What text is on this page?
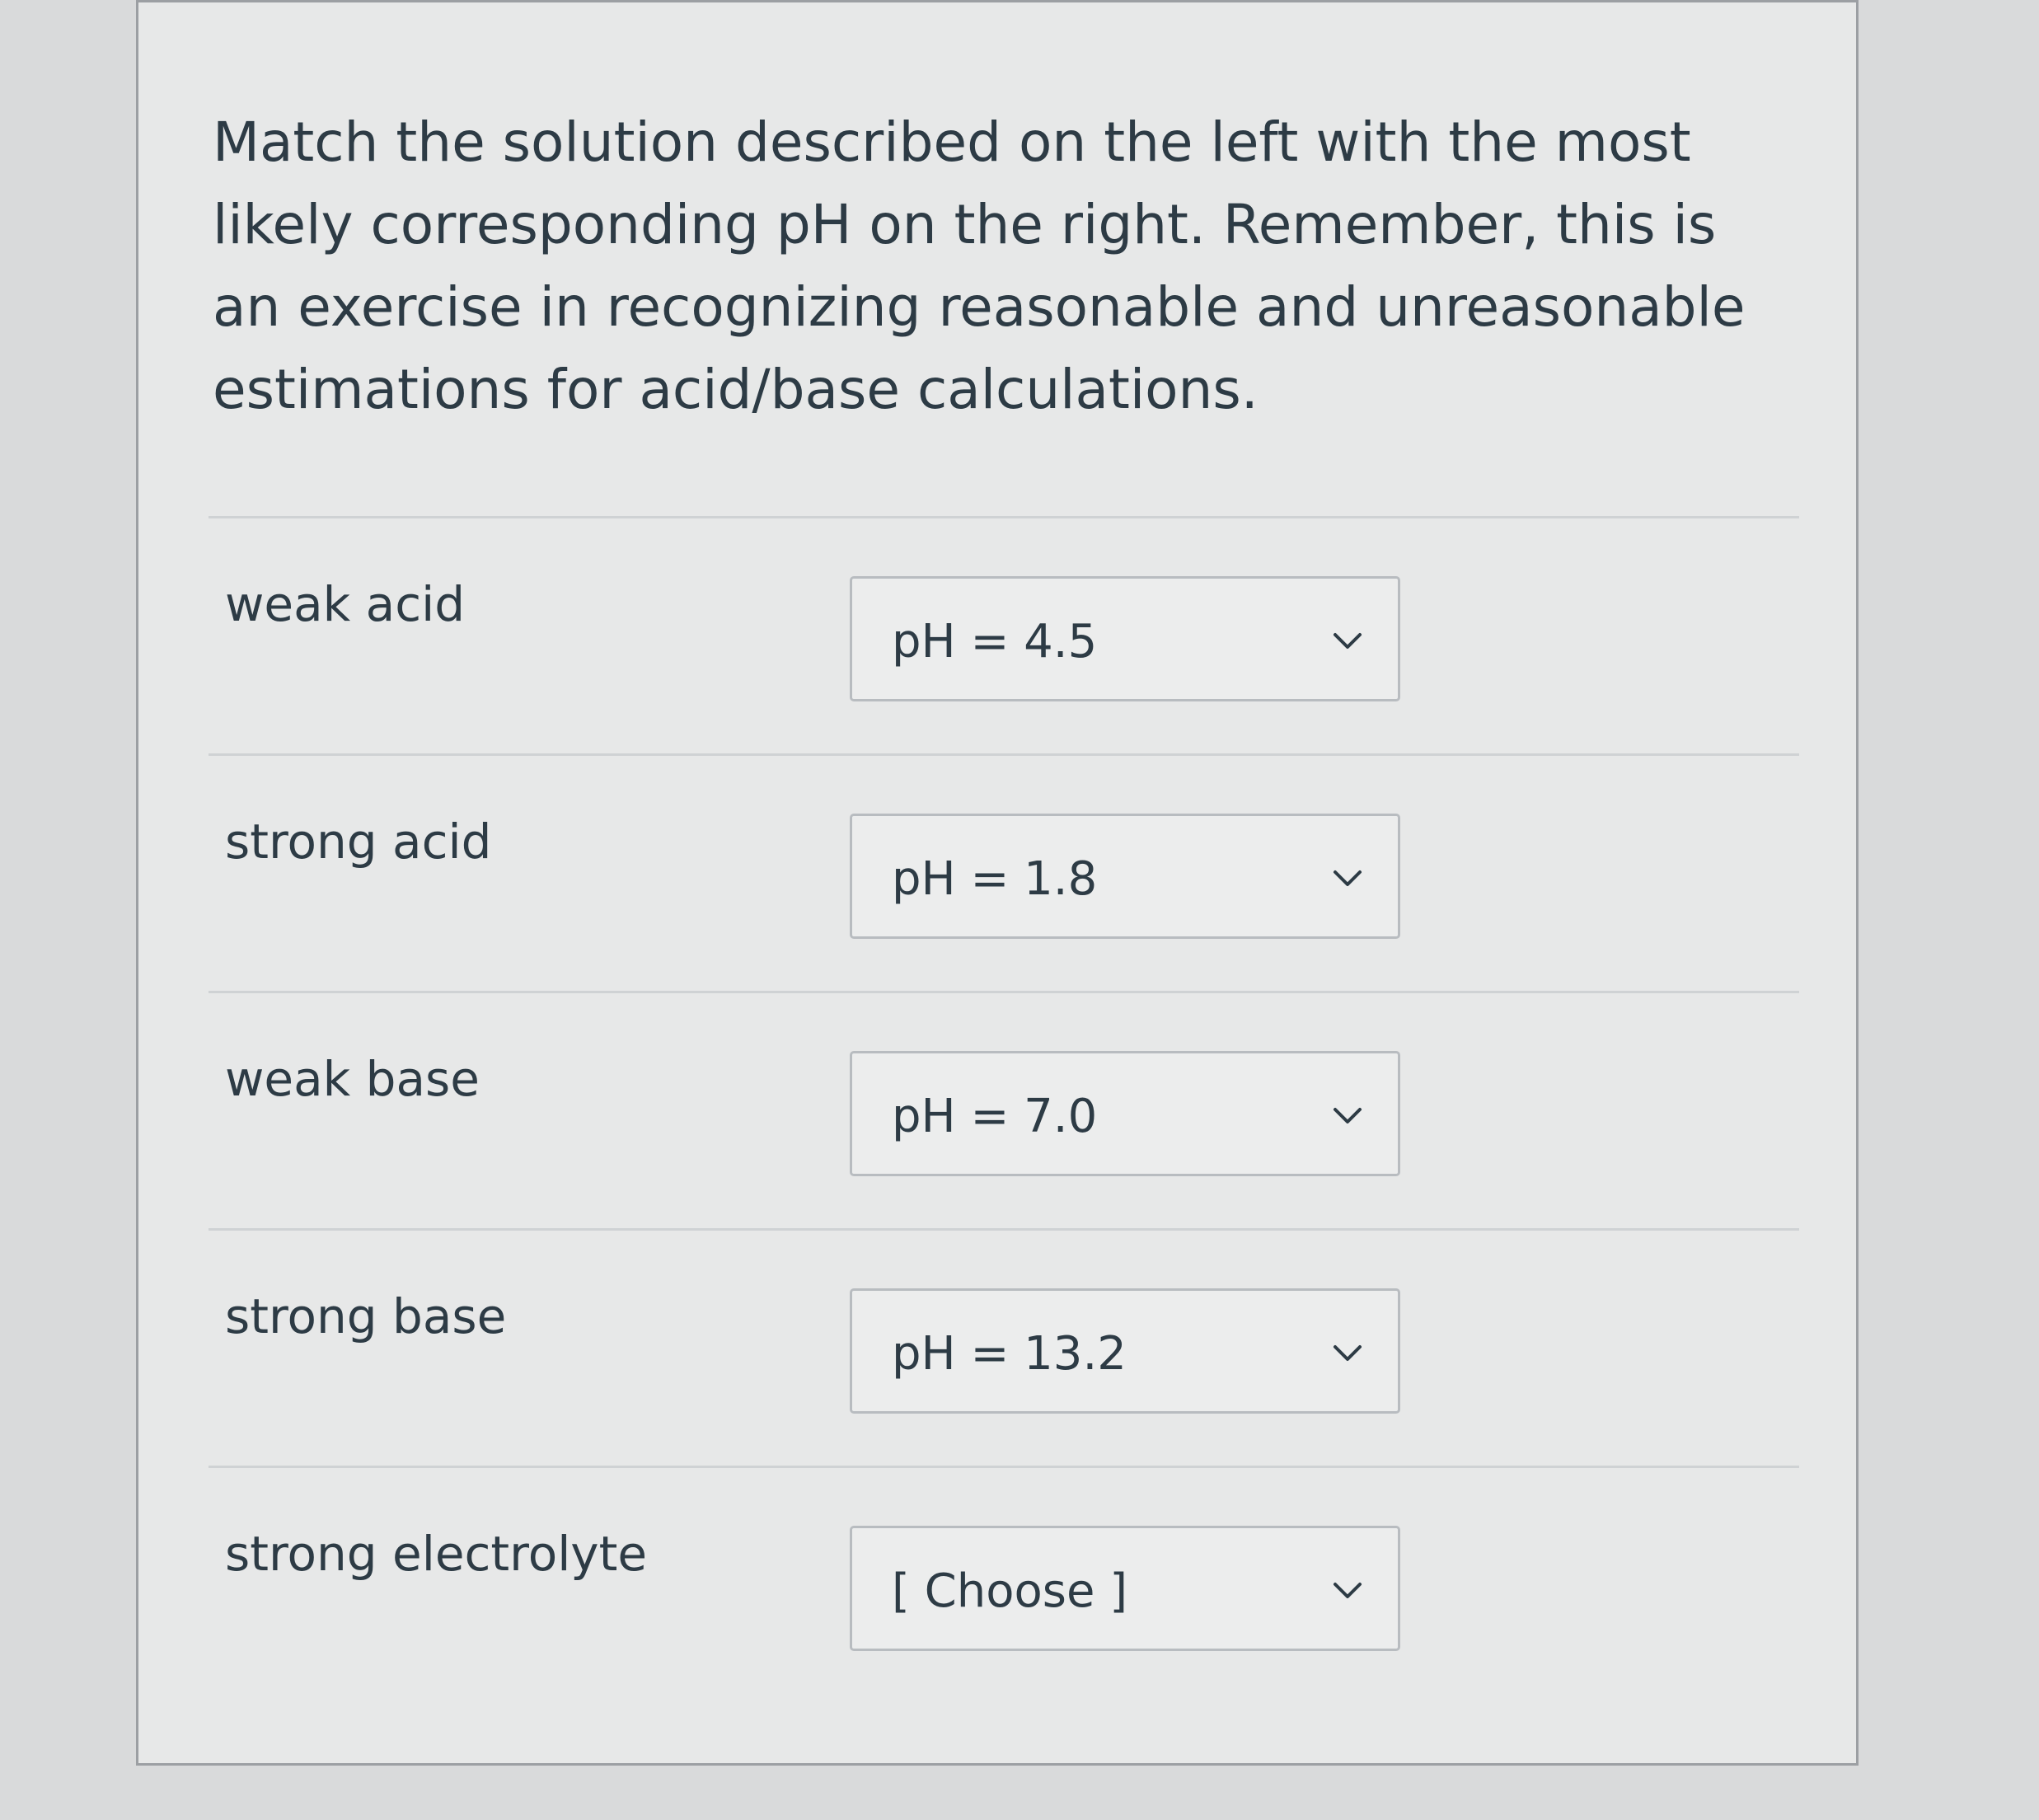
Match the solution described on the left with the most likely corresponding pH on the right. Remember, this is an exercise in recognizing reasonable and unreasonable estimations for acid/base calculations.
weak acid
pH = 4.5
strong acid
pH = 1.8
weak base
pH = 7.0
strong base
pH = 13.2
strong electrolyte
[ Choose ]
